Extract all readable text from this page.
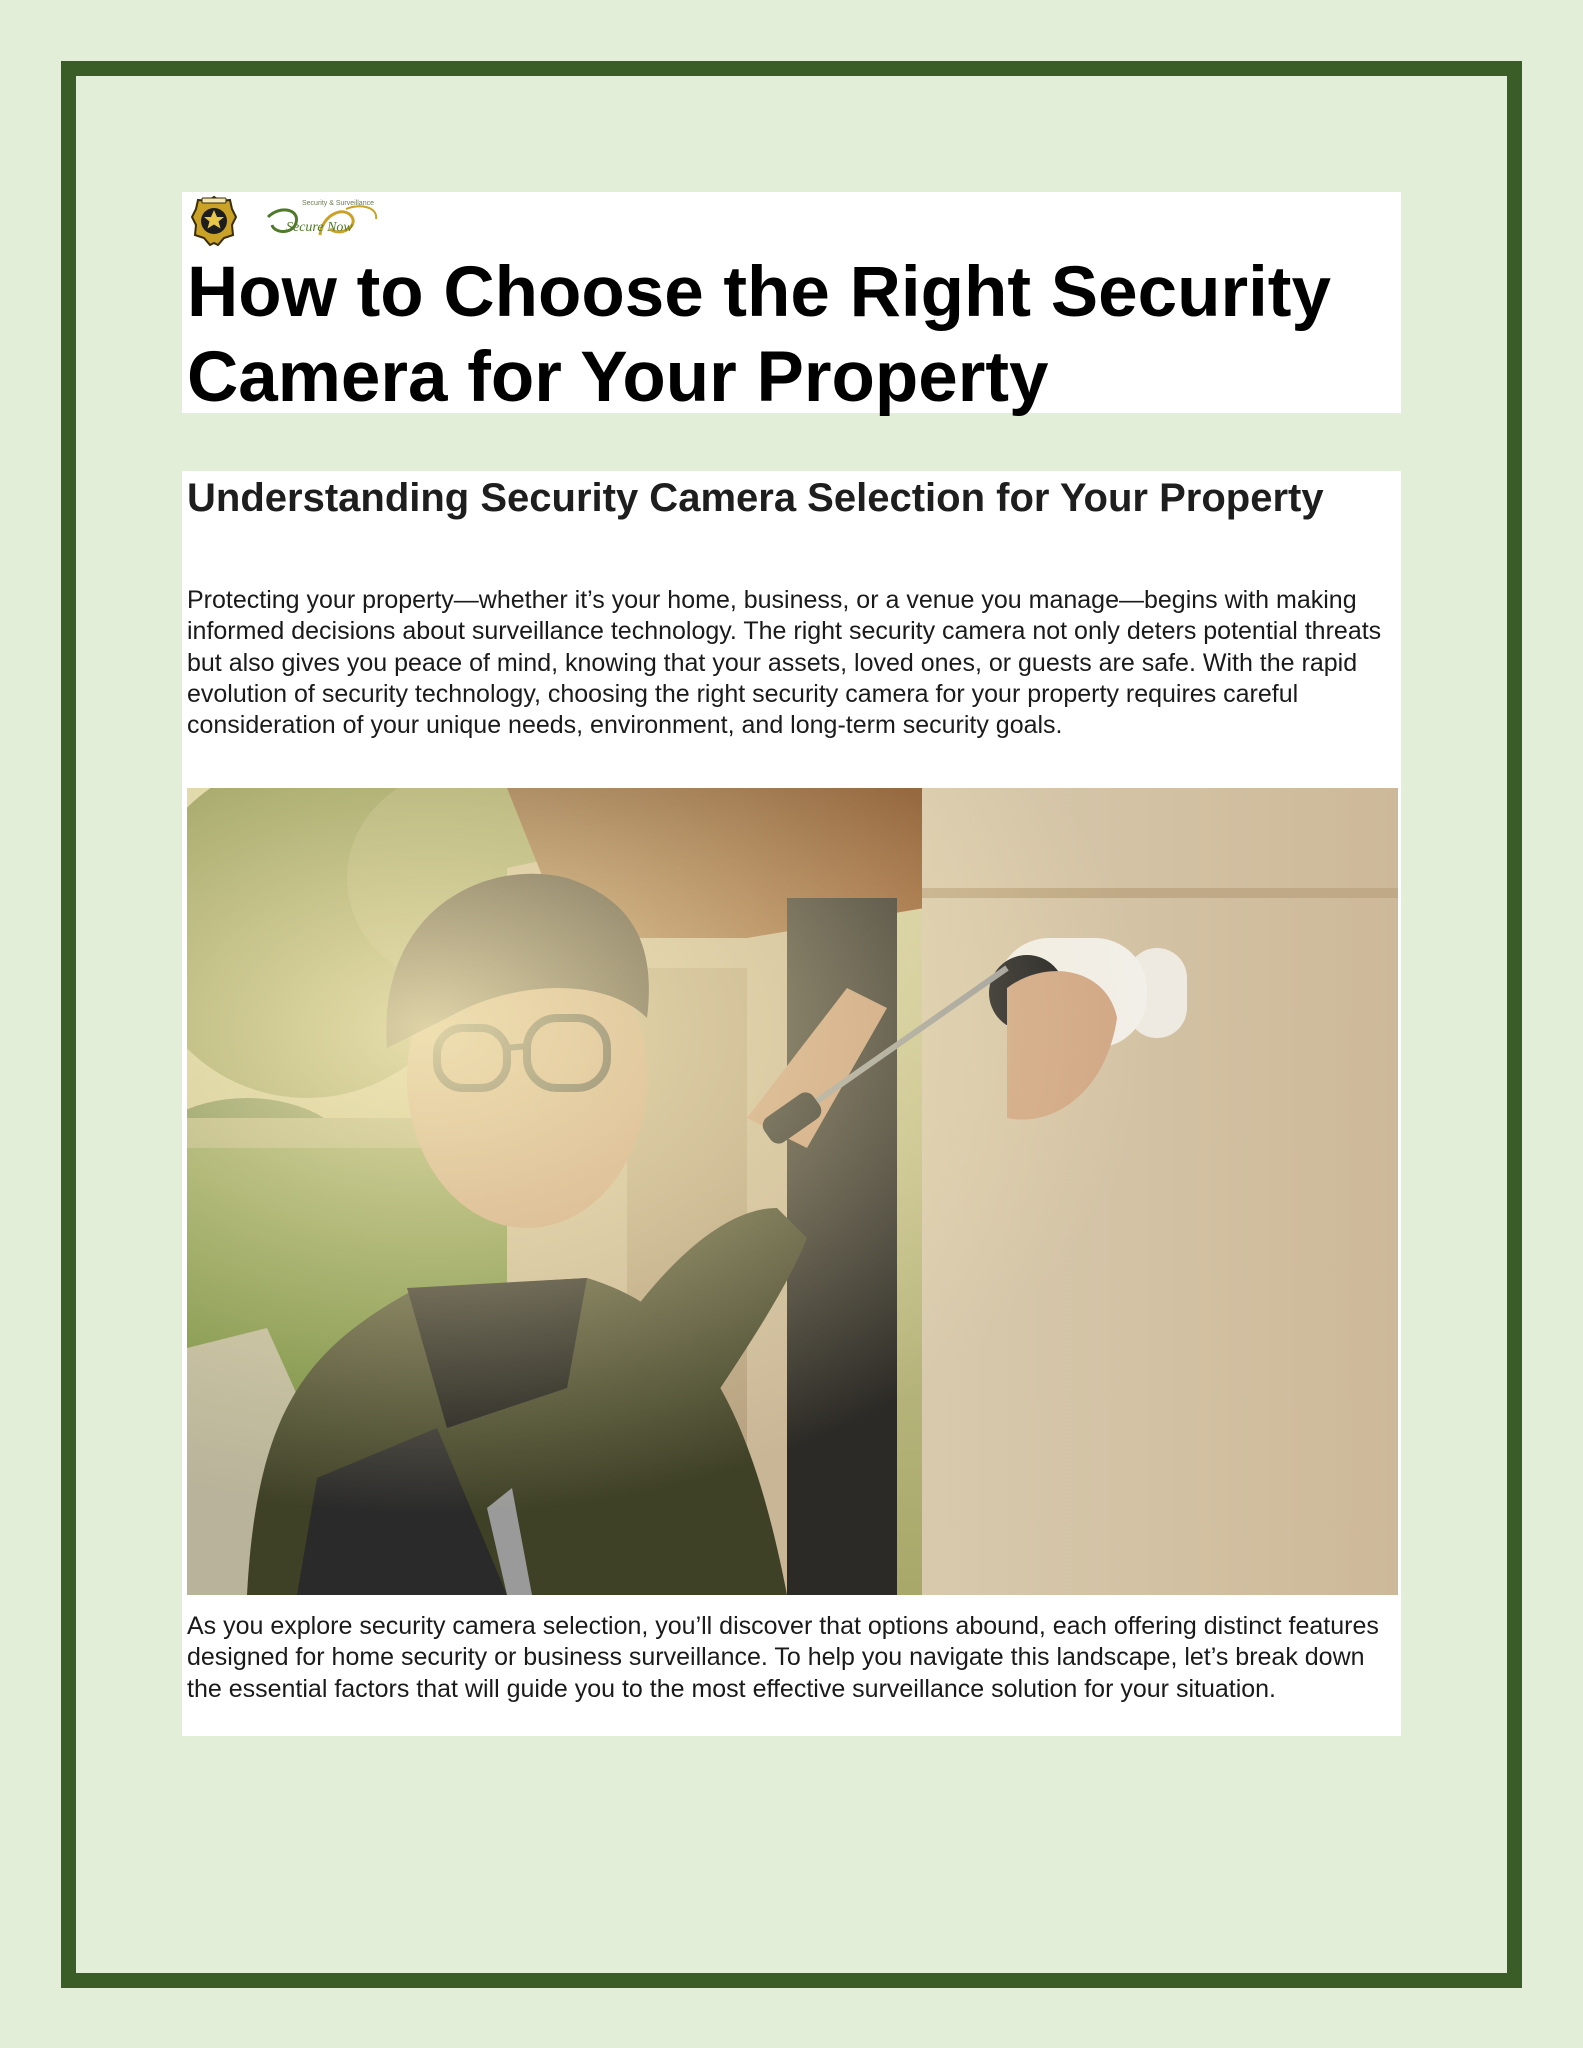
Security & Surveillance
Secure Now
How to Choose the Right Security Camera for Your Property
Understanding Security Camera Selection for Your Property

Protecting your property—whether it’s your home, business, or a venue you manage—begins with making informed decisions about surveillance technology. The right security camera not only deters potential threats but also gives you peace of mind, knowing that your assets, loved ones, or guests are safe. With the rapid evolution of security technology, choosing the right security camera for your property requires careful consideration of your unique needs, environment, and long-term security goals.

As you explore security camera selection, you’ll discover that options abound, each offering distinct features designed for home security or business surveillance. To help you navigate this landscape, let’s break down the essential factors that will guide you to the most effective surveillance solution for your situation.
